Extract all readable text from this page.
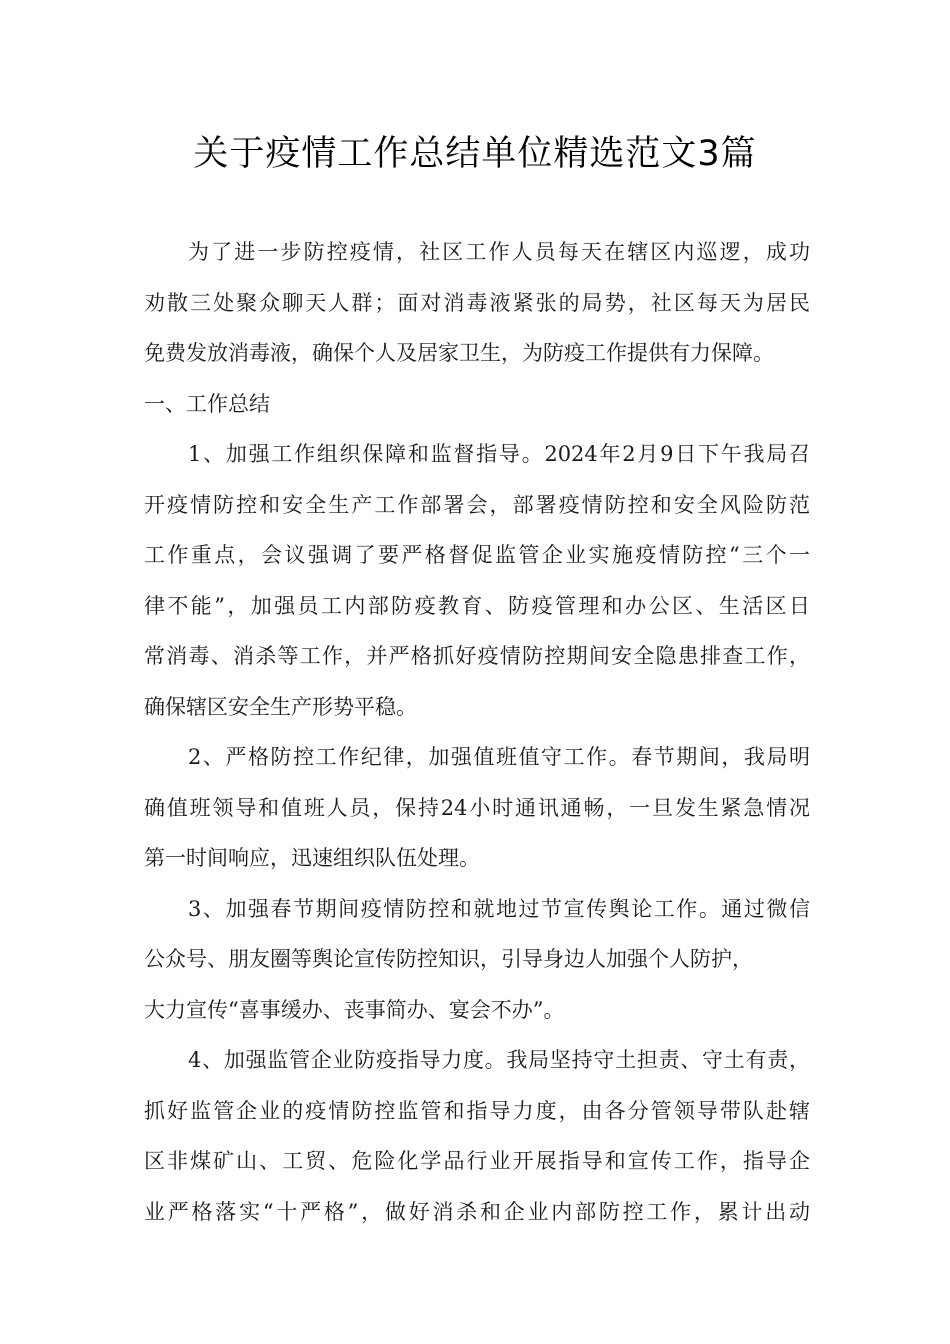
关于疫情工作总结单位精选范文3篇
为了进一步防控疫情，社区工作人员每天在辖区内巡逻，成功
劝散三处聚众聊天人群；面对消毒液紧张的局势，社区每天为居民
免费发放消毒液，确保个人及居家卫生，为防疫工作提供有力保障。
一、工作总结
1、加强工作组织保障和监督指导。2024年2月9日下午我局召
开疫情防控和安全生产工作部署会，部署疫情防控和安全风险防范
工作重点，会议强调了要严格督促监管企业实施疫情防控“三个一
律不能”，加强员工内部防疫教育、防疫管理和办公区、生活区日
常消毒、消杀等工作，并严格抓好疫情防控期间安全隐患排查工作，
确保辖区安全生产形势平稳。
2、严格防控工作纪律，加强值班值守工作。春节期间，我局明
确值班领导和值班人员，保持24小时通讯通畅，一旦发生紧急情况
第一时间响应，迅速组织队伍处理。
3、加强春节期间疫情防控和就地过节宣传舆论工作。通过微信
公众号、朋友圈等舆论宣传防控知识，引导身边人加强个人防护，
大力宣传“喜事缓办、丧事简办、宴会不办”。
4、加强监管企业防疫指导力度。我局坚持守土担责、守土有责，
抓好监管企业的疫情防控监管和指导力度，由各分管领导带队赴辖
区非煤矿山、工贸、危险化学品行业开展指导和宣传工作，指导企
业严格落实“十严格”，做好消杀和企业内部防控工作，累计出动
